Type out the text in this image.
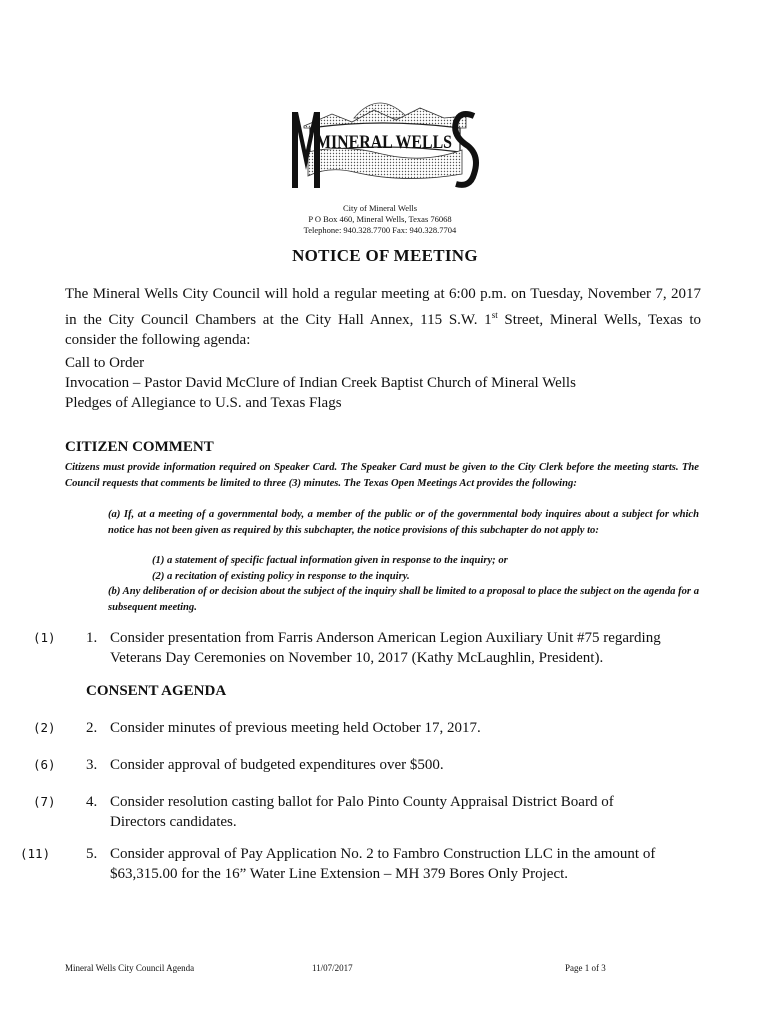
MINERAL WELLS
City of Mineral Wells
P O Box 460, Mineral Wells, Texas 76068
Telephone: 940.328.7700 Fax: 940.328.7704
NOTICE OF MEETING
The Mineral Wells City Council will hold a regular meeting at 6:00 p.m. on Tuesday, November 7, 2017 in the City Council Chambers at the City Hall Annex, 115 S.W. 1st Street, Mineral Wells, Texas to consider the following agenda:
Call to Order
Invocation – Pastor David McClure of Indian Creek Baptist Church of Mineral Wells
Pledges of Allegiance to U.S. and Texas Flags
CITIZEN COMMENT
Citizens must provide information required on Speaker Card. The Speaker Card must be given to the City Clerk before the meeting starts. The Council requests that comments be limited to three (3) minutes. The Texas Open Meetings Act provides the following:
(a) If, at a meeting of a governmental body, a member of the public or of the governmental body inquires about a subject for which notice has not been given as required by this subchapter, the notice provisions of this subchapter do not apply to:
(1) a statement of specific factual information given in response to the inquiry; or
(2) a recitation of existing policy in response to the inquiry.
(b) Any deliberation of or decision about the subject of the inquiry shall be limited to a proposal to place the subject on the agenda for a subsequent meeting.
(1) 1. Consider presentation from Farris Anderson American Legion Auxiliary Unit #75 regarding Veterans Day Ceremonies on November 10, 2017 (Kathy McLaughlin, President).
CONSENT AGENDA
(2) 2. Consider minutes of previous meeting held October 17, 2017.
(6) 3. Consider approval of budgeted expenditures over $500.
(7) 4. Consider resolution casting ballot for Palo Pinto County Appraisal District Board of Directors candidates.
(11) 5. Consider approval of Pay Application No. 2 to Fambro Construction LLC in the amount of $63,315.00 for the 16” Water Line Extension – MH 379 Bores Only Project.
Mineral Wells City Council Agenda	11/07/2017	Page 1 of 3
